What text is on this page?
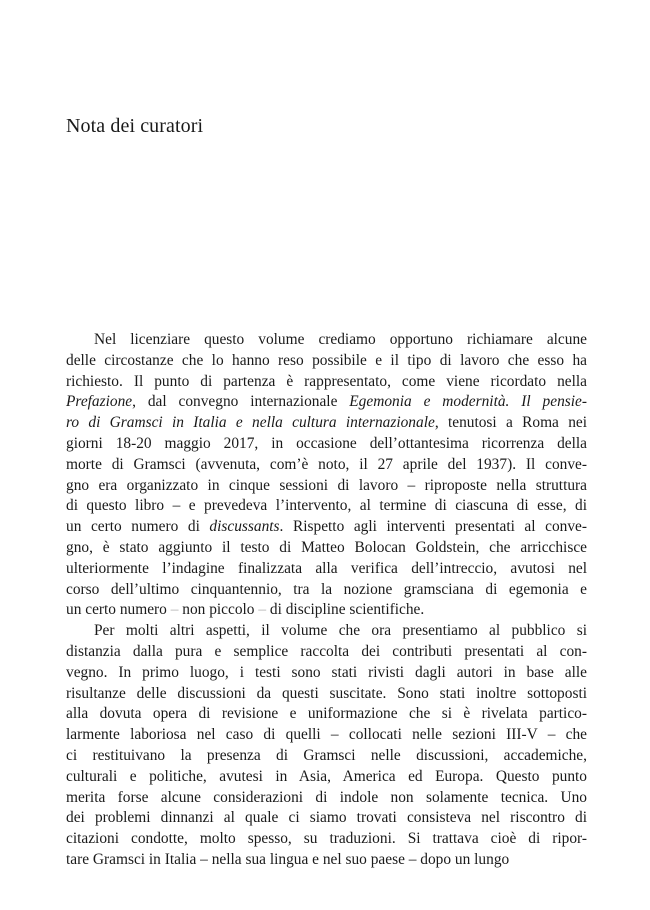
Nota dei curatori
Nel licenziare questo volume crediamo opportuno richiamare alcune
delle circostanze che lo hanno reso possibile e il tipo di lavoro che esso ha
richiesto. Il punto di partenza è rappresentato, come viene ricordato nella
Prefazione, dal convegno internazionale Egemonia e modernità. Il pensie-
ro di Gramsci in Italia e nella cultura internazionale, tenutosi a Roma nei
giorni 18-20 maggio 2017, in occasione dell’ottantesima ricorrenza della
morte di Gramsci (avvenuta, com’è noto, il 27 aprile del 1937). Il conve-
gno era organizzato in cinque sessioni di lavoro – riproposte nella struttura
di questo libro – e prevedeva l’intervento, al termine di ciascuna di esse, di
un certo numero di discussants. Rispetto agli interventi presentati al conve-
gno, è stato aggiunto il testo di Matteo Bolocan Goldstein, che arricchisce
ulteriormente l’indagine finalizzata alla verifica dell’intreccio, avutosi nel
corso dell’ultimo cinquantennio, tra la nozione gramsciana di egemonia e
un certo numero – non piccolo – di discipline scientifiche.
Per molti altri aspetti, il volume che ora presentiamo al pubblico si
distanzia dalla pura e semplice raccolta dei contributi presentati al con-
vegno. In primo luogo, i testi sono stati rivisti dagli autori in base alle
risultanze delle discussioni da questi suscitate. Sono stati inoltre sottoposti
alla dovuta opera di revisione e uniformazione che si è rivelata partico-
larmente laboriosa nel caso di quelli – collocati nelle sezioni III-V – che
ci restituivano la presenza di Gramsci nelle discussioni, accademiche,
culturali e politiche, avutesi in Asia, America ed Europa. Questo punto
merita forse alcune considerazioni di indole non solamente tecnica. Uno
dei problemi dinnanzi al quale ci siamo trovati consisteva nel riscontro di
citazioni condotte, molto spesso, su traduzioni. Si trattava cioè di ripor-
tare Gramsci in Italia – nella sua lingua e nel suo paese – dopo un lungo
